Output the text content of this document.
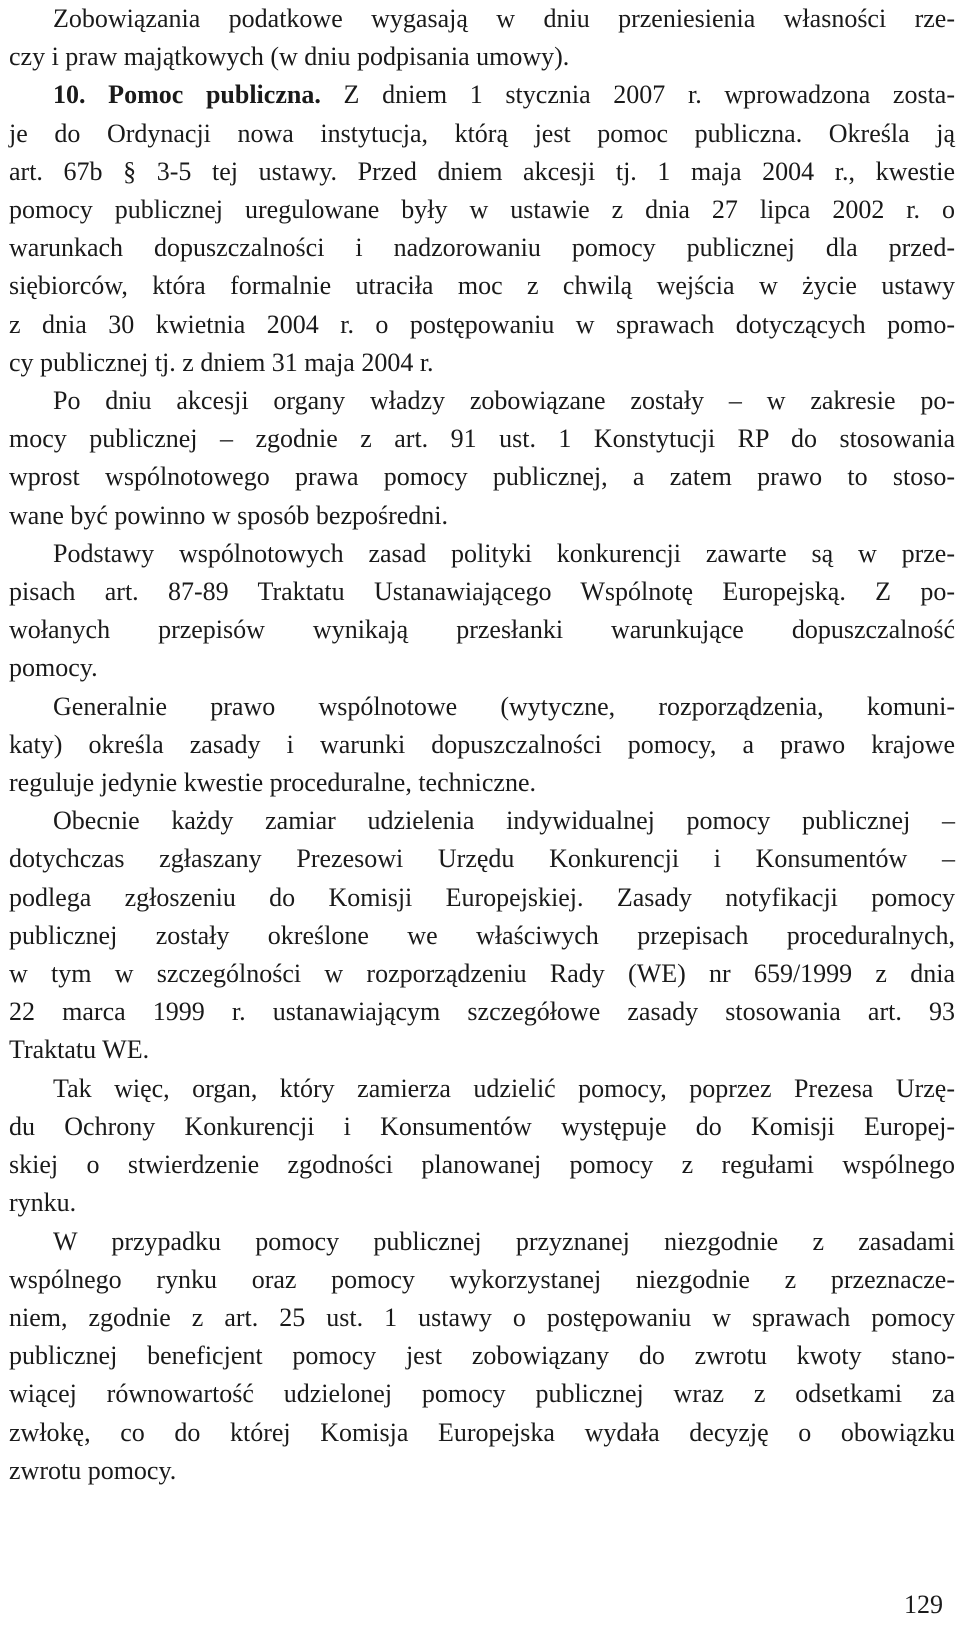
Zobowiązania podatkowe wygasają w dniu przeniesienia własności rze-
czy i praw majątkowych (w dniu podpisania umowy).
10. Pomoc publiczna. Z dniem 1 stycznia 2007 r. wprowadzona zosta-
je do Ordynacji nowa instytucja, którą jest pomoc publiczna. Określa ją
art. 67b § 3-5 tej ustawy. Przed dniem akcesji tj. 1 maja 2004 r., kwestie
pomocy publicznej uregulowane były w ustawie z dnia 27 lipca 2002 r. o
warunkach dopuszczalności i nadzorowaniu pomocy publicznej dla przed-
siębiorców, która formalnie utraciła moc z chwilą wejścia w życie ustawy
z dnia 30 kwietnia 2004 r. o postępowaniu w sprawach dotyczących pomo-
cy publicznej tj. z dniem 31 maja 2004 r.
Po dniu akcesji organy władzy zobowiązane zostały – w zakresie po-
mocy publicznej – zgodnie z art. 91 ust. 1 Konstytucji RP do stosowania
wprost wspólnotowego prawa pomocy publicznej, a zatem prawo to stoso-
wane być powinno w sposób bezpośredni.
Podstawy wspólnotowych zasad polityki konkurencji zawarte są w prze-
pisach art. 87-89 Traktatu Ustanawiającego Wspólnotę Europejską. Z po-
wołanych przepisów wynikają przesłanki warunkujące dopuszczalność
pomocy.
Generalnie prawo wspólnotowe (wytyczne, rozporządzenia, komuni-
katy) określa zasady i warunki dopuszczalności pomocy, a prawo krajowe
reguluje jedynie kwestie proceduralne, techniczne.
Obecnie każdy zamiar udzielenia indywidualnej pomocy publicznej –
dotychczas zgłaszany Prezesowi Urzędu Konkurencji i Konsumentów –
podlega zgłoszeniu do Komisji Europejskiej. Zasady notyfikacji pomocy
publicznej zostały określone we właściwych przepisach proceduralnych,
w tym w szczególności w rozporządzeniu Rady (WE) nr 659/1999 z dnia
22 marca 1999 r. ustanawiającym szczegółowe zasady stosowania art. 93
Traktatu WE.
Tak więc, organ, który zamierza udzielić pomocy, poprzez Prezesa Urzę-
du Ochrony Konkurencji i Konsumentów występuje do Komisji Europej-
skiej o stwierdzenie zgodności planowanej pomocy z regułami wspólnego
rynku.
W przypadku pomocy publicznej przyznanej niezgodnie z zasadami
wspólnego rynku oraz pomocy wykorzystanej niezgodnie z przeznacze-
niem, zgodnie z art. 25 ust. 1 ustawy o postępowaniu w sprawach pomocy
publicznej beneficjent pomocy jest zobowiązany do zwrotu kwoty stano-
wiącej równowartość udzielonej pomocy publicznej wraz z odsetkami za
zwłokę, co do której Komisja Europejska wydała decyzję o obowiązku
zwrotu pomocy.
129
